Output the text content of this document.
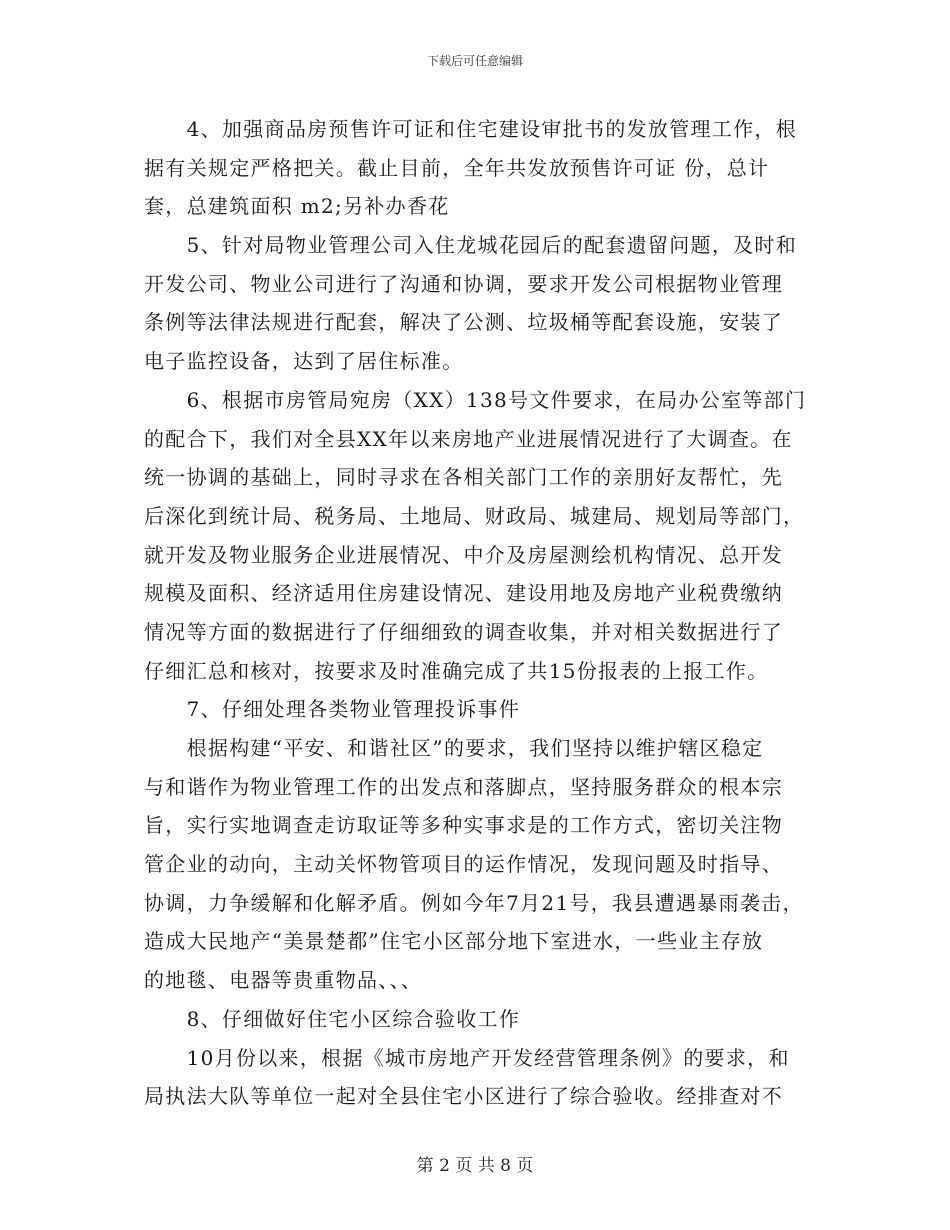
下载后可任意编辑
　　4、加强商品房预售许可证和住宅建设审批书的发放管理工作，根
据有关规定严格把关。截止目前，全年共发放预售许可证 份，总计
套，总建筑面积 m2;另补办香花
　　5、针对局物业管理公司入住龙城花园后的配套遗留问题，及时和
开发公司、物业公司进行了沟通和协调，要求开发公司根据物业管理
条例等法律法规进行配套，解决了公测、垃圾桶等配套设施，安装了
电子监控设备，达到了居住标准。
　　6、根据市房管局宛房（XX）138号文件要求，在局办公室等部门
的配合下，我们对全县XX年以来房地产业进展情况进行了大调查。在
统一协调的基础上，同时寻求在各相关部门工作的亲朋好友帮忙，先
后深化到统计局、税务局、土地局、财政局、城建局、规划局等部门，
就开发及物业服务企业进展情况、中介及房屋测绘机构情况、总开发
规模及面积、经济适用住房建设情况、建设用地及房地产业税费缴纳
情况等方面的数据进行了仔细细致的调查收集，并对相关数据进行了
仔细汇总和核对，按要求及时准确完成了共15份报表的上报工作。
　　7、仔细处理各类物业管理投诉事件
　　根据构建“平安、和谐社区”的要求，我们坚持以维护辖区稳定
与和谐作为物业管理工作的出发点和落脚点，坚持服务群众的根本宗
旨，实行实地调查走访取证等多种实事求是的工作方式，密切关注物
管企业的动向，主动关怀物管项目的运作情况，发现问题及时指导、
协调，力争缓解和化解矛盾。例如今年7月21号，我县遭遇暴雨袭击，
造成大民地产“美景楚都”住宅小区部分地下室进水，一些业主存放
的地毯、电器等贵重物品、、、
　　8、仔细做好住宅小区综合验收工作
　　10月份以来，根据《城市房地产开发经营管理条例》的要求，和
局执法大队等单位一起对全县住宅小区进行了综合验收。经排查对不
第 2 页 共 8 页
